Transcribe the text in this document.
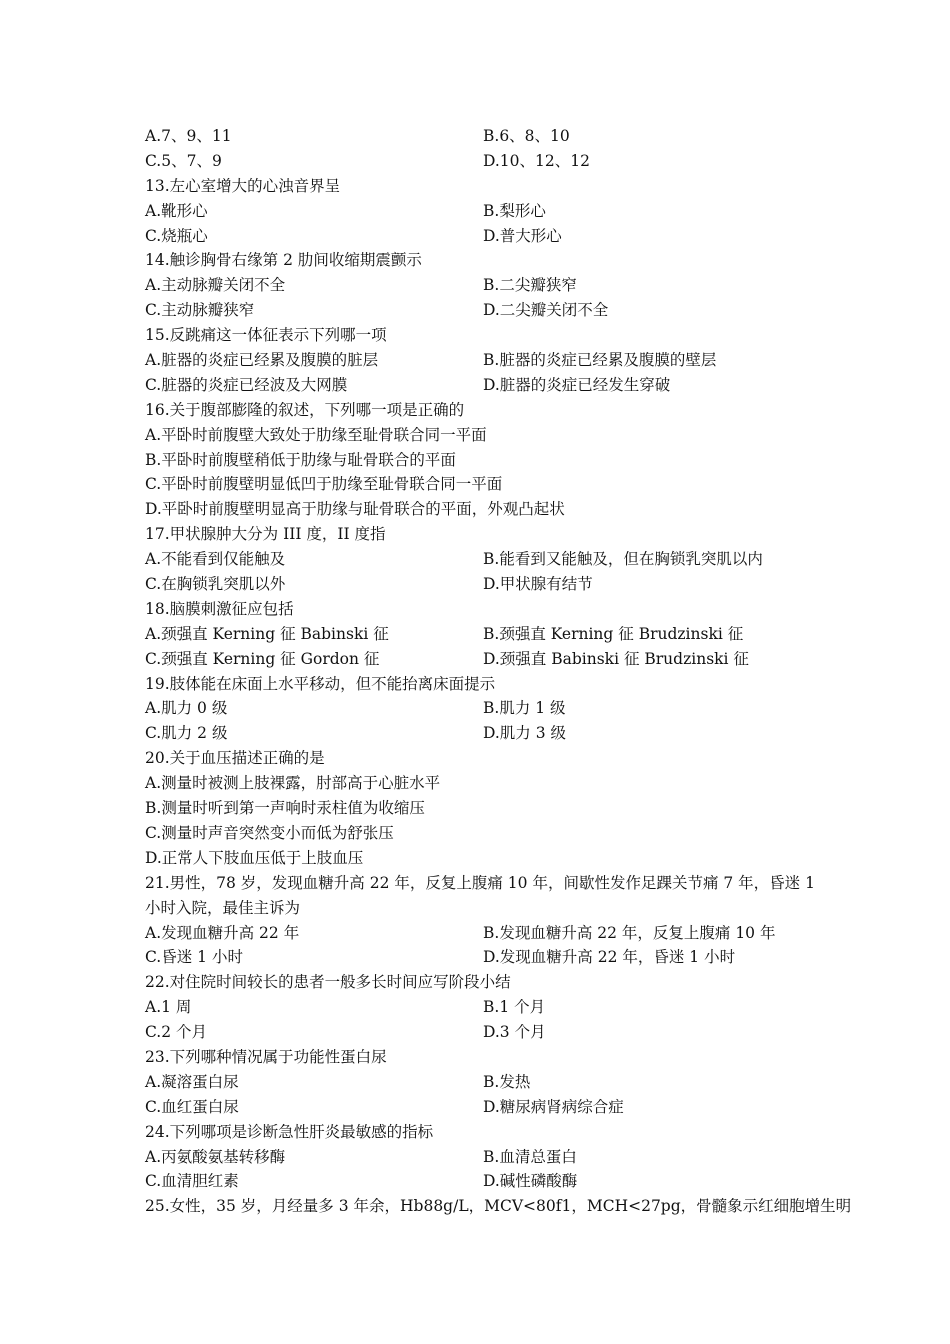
A.7、9、11	B.6、8、10
C.5、7、9	D.10、12、12
13.左心室增大的心浊音界呈
A.靴形心	B.梨形心
C.烧瓶心	D.普大形心
14.触诊胸骨右缘第 2 肋间收缩期震颤示
A.主动脉瓣关闭不全	B.二尖瓣狭窄
C.主动脉瓣狭窄	D.二尖瓣关闭不全
15.反跳痛这一体征表示下列哪一项
A.脏器的炎症已经累及腹膜的脏层	B.脏器的炎症已经累及腹膜的壁层
C.脏器的炎症已经波及大网膜	D.脏器的炎症已经发生穿破
16.关于腹部膨隆的叙述，下列哪一项是正确的
A.平卧时前腹壁大致处于肋缘至耻骨联合同一平面
B.平卧时前腹壁稍低于肋缘与耻骨联合的平面
C.平卧时前腹壁明显低凹于肋缘至耻骨联合同一平面
D.平卧时前腹壁明显高于肋缘与耻骨联合的平面，外观凸起状
17.甲状腺肿大分为 III 度，II 度指
A.不能看到仅能触及	B.能看到又能触及，但在胸锁乳突肌以内
C.在胸锁乳突肌以外	D.甲状腺有结节
18.脑膜刺激征应包括
A.颈强直 Kerning 征 Babinski 征	B.颈强直 Kerning 征 Brudzinski 征
C.颈强直 Kerning 征 Gordon 征	D.颈强直 Babinski 征 Brudzinski 征
19.肢体能在床面上水平移动，但不能抬离床面提示
A.肌力 0 级	B.肌力 1 级
C.肌力 2 级	D.肌力 3 级
20.关于血压描述正确的是
A.测量时被测上肢裸露，肘部高于心脏水平
B.测量时听到第一声响时汞柱值为收缩压
C.测量时声音突然变小而低为舒张压
D.正常人下肢血压低于上肢血压
21.男性，78 岁，发现血糖升高 22 年，反复上腹痛 10 年，间歇性发作足踝关节痛 7 年，昏迷 1
小时入院，最佳主诉为
A.发现血糖升高 22 年	B.发现血糖升高 22 年，反复上腹痛 10 年
C.昏迷 1 小时	D.发现血糖升高 22 年，昏迷 1 小时
22.对住院时间较长的患者一般多长时间应写阶段小结
A.1 周	B.1 个月
C.2 个月	D.3 个月
23.下列哪种情况属于功能性蛋白尿
A.凝溶蛋白尿	B.发热
C.血红蛋白尿	D.糖尿病肾病综合症
24.下列哪项是诊断急性肝炎最敏感的指标
A.丙氨酸氨基转移酶	B.血清总蛋白
C.血清胆红素	D.碱性磷酸酶
25.女性，35 岁，月经量多 3 年余，Hb88g/L，MCV<80f1，MCH<27pg，骨髓象示红细胞增生明
